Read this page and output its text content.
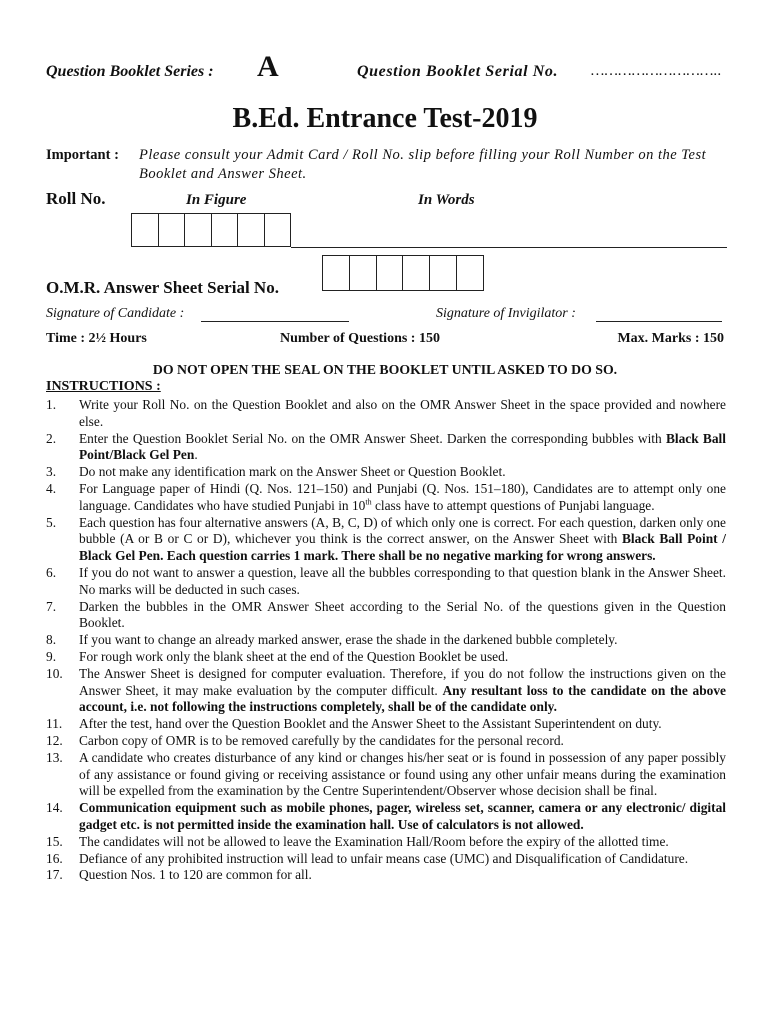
Question Booklet Series : A	Question Booklet Serial No. ………………………..
B.Ed. Entrance Test-2019
Important : Please consult your Admit Card / Roll No. slip before filling your Roll Number on the Test Booklet and Answer Sheet.
Roll No.	In Figure	In Words
O.M.R. Answer Sheet Serial No.
Signature of Candidate :	Signature of Invigilator :
Time : 2½ Hours	Number of Questions : 150	Max. Marks : 150
DO NOT OPEN THE SEAL ON THE BOOKLET UNTIL ASKED TO DO SO.
INSTRUCTIONS :
1. Write your Roll No. on the Question Booklet and also on the OMR Answer Sheet in the space provided and nowhere else.
2. Enter the Question Booklet Serial No. on the OMR Answer Sheet. Darken the corresponding bubbles with Black Ball Point/Black Gel Pen.
3. Do not make any identification mark on the Answer Sheet or Question Booklet.
4. For Language paper of Hindi (Q. Nos. 121–150) and Punjabi (Q. Nos. 151–180), Candidates are to attempt only one language. Candidates who have studied Punjabi in 10th class have to attempt questions of Punjabi language.
5. Each question has four alternative answers (A, B, C, D) of which only one is correct. For each question, darken only one bubble (A or B or C or D), whichever you think is the correct answer, on the Answer Sheet with Black Ball Point / Black Gel Pen. Each question carries 1 mark. There shall be no negative marking for wrong answers.
6. If you do not want to answer a question, leave all the bubbles corresponding to that question blank in the Answer Sheet. No marks will be deducted in such cases.
7. Darken the bubbles in the OMR Answer Sheet according to the Serial No. of the questions given in the Question Booklet.
8. If you want to change an already marked answer, erase the shade in the darkened bubble completely.
9. For rough work only the blank sheet at the end of the Question Booklet be used.
10. The Answer Sheet is designed for computer evaluation. Therefore, if you do not follow the instructions given on the Answer Sheet, it may make evaluation by the computer difficult. Any resultant loss to the candidate on the above account, i.e. not following the instructions completely, shall be of the candidate only.
11. After the test, hand over the Question Booklet and the Answer Sheet to the Assistant Superintendent on duty.
12. Carbon copy of OMR is to be removed carefully by the candidates for the personal record.
13. A candidate who creates disturbance of any kind or changes his/her seat or is found in possession of any paper possibly of any assistance or found giving or receiving assistance or found using any other unfair means during the examination will be expelled from the examination by the Centre Superintendent/Observer whose decision shall be final.
14. Communication equipment such as mobile phones, pager, wireless set, scanner, camera or any electronic/ digital gadget etc. is not permitted inside the examination hall. Use of calculators is not allowed.
15. The candidates will not be allowed to leave the Examination Hall/Room before the expiry of the allotted time.
16. Defiance of any prohibited instruction will lead to unfair means case (UMC) and Disqualification of Candidature.
17. Question Nos. 1 to 120 are common for all.
